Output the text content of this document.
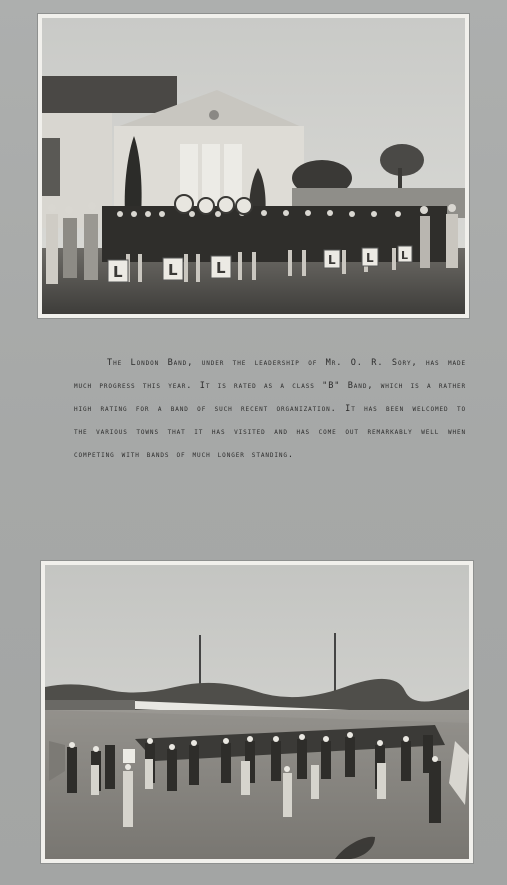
L	L	L	L	L L

The London Band, under the leadership of Mr. O. R. Sory, has made much progress this year. It is rated as a class "B" Band, which is a rather high rating for a band of such recent organization. It has been welcomed to the various towns that it has visited and has come out remarkably well when competing with bands of much longer standing.
